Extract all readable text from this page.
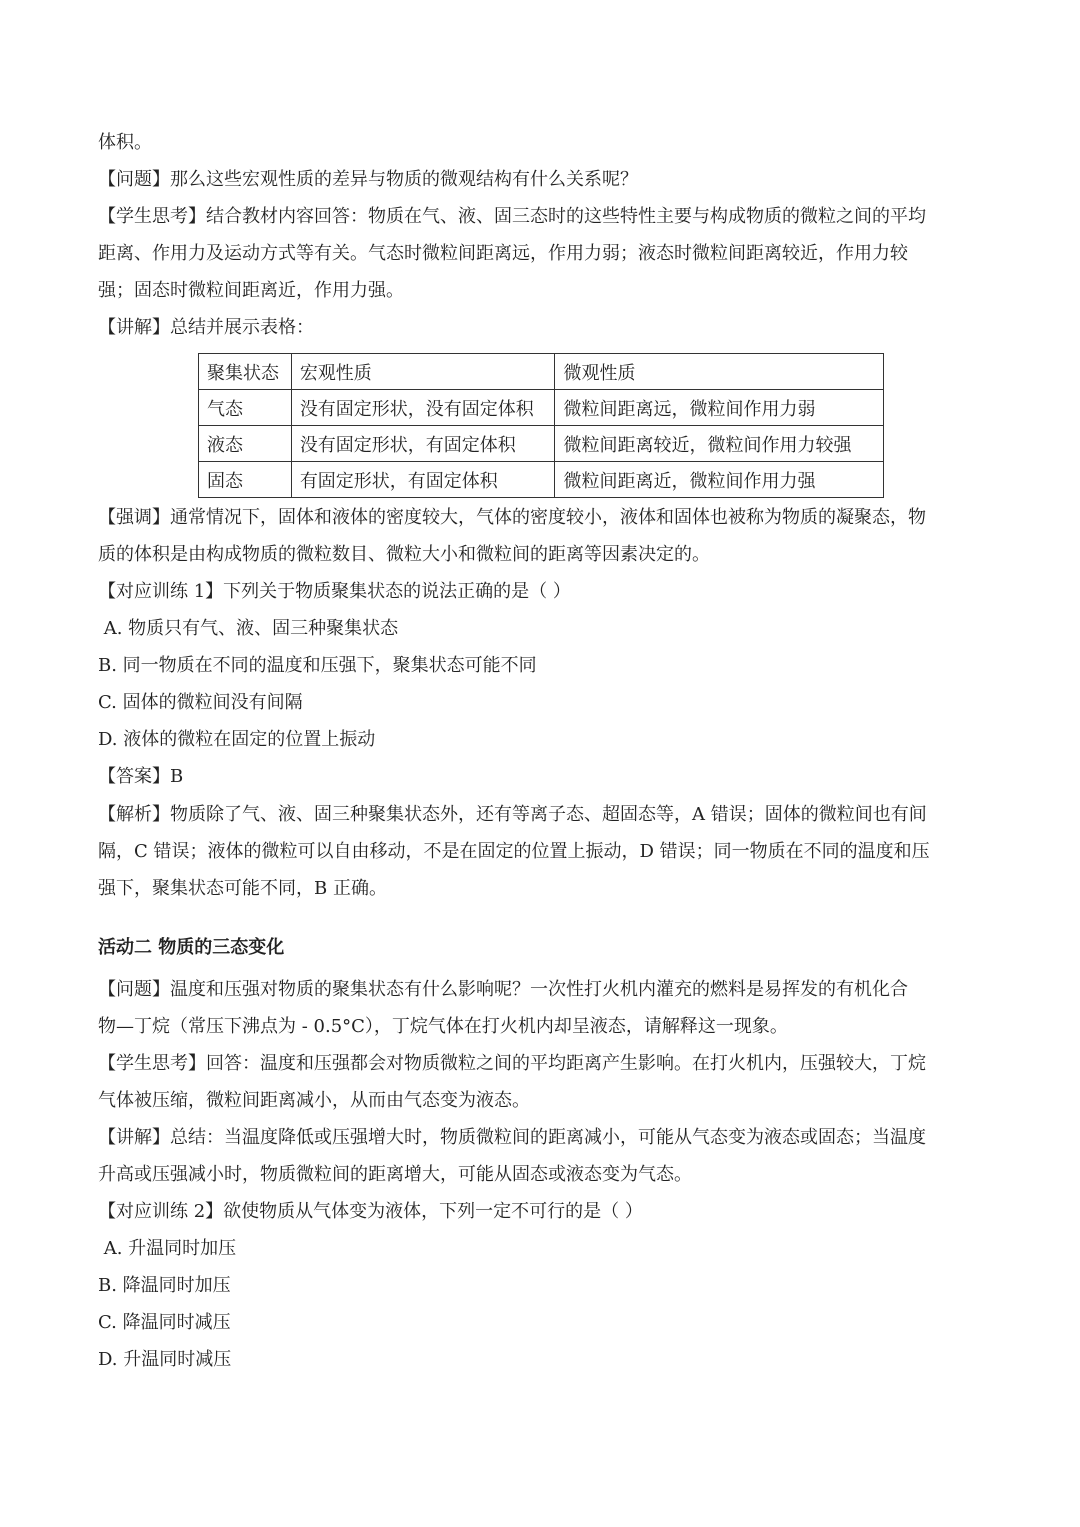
体积。
【问题】那么这些宏观性质的差异与物质的微观结构有什么关系呢？
【学生思考】结合教材内容回答：物质在气、液、固三态时的这些特性主要与构成物质的微粒之间的平均
距离、作用力及运动方式等有关。气态时微粒间距离远，作用力弱；液态时微粒间距离较近，作用力较
强；固态时微粒间距离近，作用力强。
【讲解】总结并展示表格：
聚集状态	宏观性质	微观性质
气态	没有固定形状，没有固定体积	微粒间距离远，微粒间作用力弱
液态	没有固定形状，有固定体积	微粒间距离较近，微粒间作用力较强
固态	有固定形状，有固定体积	微粒间距离近，微粒间作用力强
【强调】通常情况下，固体和液体的密度较大，气体的密度较小，液体和固体也被称为物质的凝聚态，物
质的体积是由构成物质的微粒数目、微粒大小和微粒间的距离等因素决定的。
【对应训练 1】下列关于物质聚集状态的说法正确的是（ ）
A. 物质只有气、液、固三种聚集状态
B. 同一物质在不同的温度和压强下，聚集状态可能不同
C. 固体的微粒间没有间隔
D. 液体的微粒在固定的位置上振动
【答案】B
【解析】物质除了气、液、固三种聚集状态外，还有等离子态、超固态等，A 错误；固体的微粒间也有间
隔，C 错误；液体的微粒可以自由移动，不是在固定的位置上振动，D 错误；同一物质在不同的温度和压
强下，聚集状态可能不同，B 正确。
活动二 物质的三态变化
【问题】温度和压强对物质的聚集状态有什么影响呢？一次性打火机内灌充的燃料是易挥发的有机化合
物—丁烷（常压下沸点为 - 0.5°C），丁烷气体在打火机内却呈液态，请解释这一现象。
【学生思考】回答：温度和压强都会对物质微粒之间的平均距离产生影响。在打火机内，压强较大，丁烷
气体被压缩，微粒间距离减小，从而由气态变为液态。
【讲解】总结：当温度降低或压强增大时，物质微粒间的距离减小，可能从气态变为液态或固态；当温度
升高或压强减小时，物质微粒间的距离增大，可能从固态或液态变为气态。
【对应训练 2】欲使物质从气体变为液体，下列一定不可行的是（ ）
A. 升温同时加压
B. 降温同时加压
C. 降温同时减压
D. 升温同时减压
